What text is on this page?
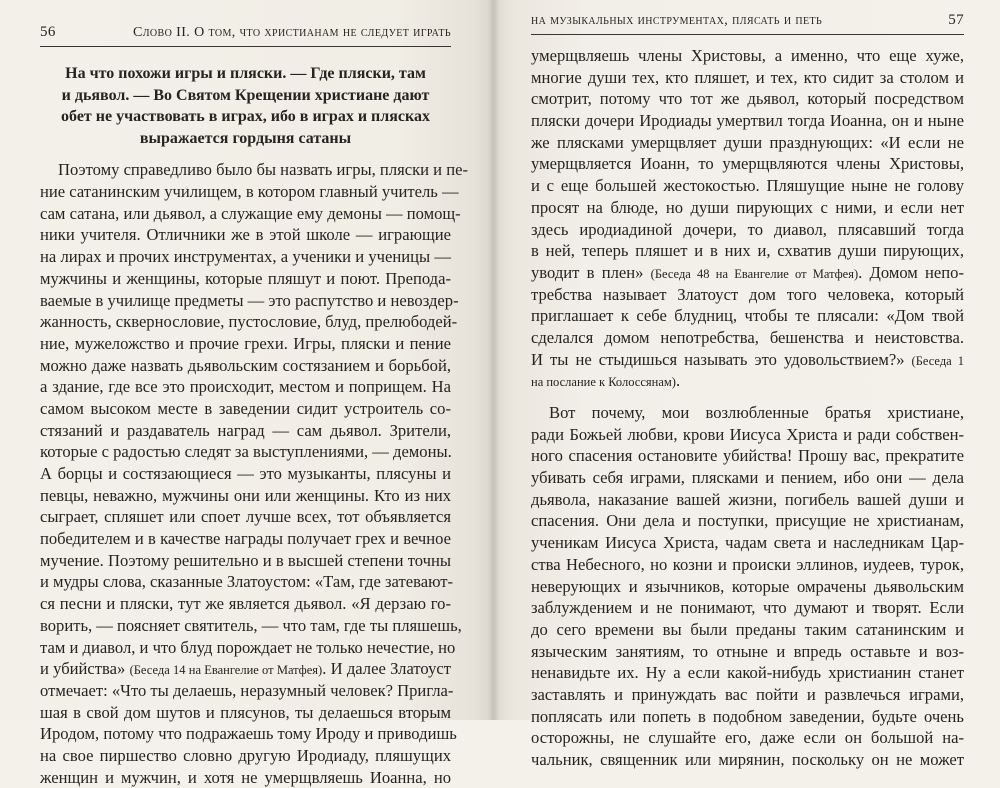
56	Слово II. О том, что христианам не следует играть
На что похожи игры и пляски. — Где пляски, там
и дьявол. — Во Святом Крещении христиане дают
обет не участвовать в играх, ибо в играх и плясках
выражается гордыня сатаны
Поэтому справедливо было бы назвать игры, пляски и пе-
ние сатанинским училищем, в котором главный учитель —
сам сатана, или дьявол, а служащие ему демоны — помощ-
ники учителя. Отличники же в этой школе — играющие
на лирах и прочих инструментах, а ученики и ученицы —
мужчины и женщины, которые пляшут и поют. Препода-
ваемые в училище предметы — это распутство и невоздер-
жанность, сквернословие, пустословие, блуд, прелюбодей-
ние, мужеложство и прочие грехи. Игры, пляски и пение
можно даже назвать дьявольским состязанием и борьбой,
а здание, где все это происходит, местом и поприщем. На
самом высоком месте в заведении сидит устроитель со-
стязаний и раздаватель наград — сам дьявол. Зрители,
которые с радостью следят за выступлениями, — демоны.
А борцы и состязающиеся — это музыканты, плясуны и
певцы, неважно, мужчины они или женщины. Кто из них
сыграет, спляшет или споет лучше всех, тот объявляется
победителем и в качестве награды получает грех и вечное
мучение. Поэтому решительно и в высшей степени точны
и мудры слова, сказанные Златоустом: «Там, где затевают-
ся песни и пляски, тут же является дьявол. «Я дерзаю го-
ворить, — поясняет святитель, — что там, где ты пляшешь,
там и диавол, и что блуд порождает не только нечестие, но
и убийства» (Беседа 14 на Евангелие от Матфея). И далее Златоуст
отмечает: «Что ты делаешь, неразумный человек? Пригла-
шая в свой дом шутов и плясунов, ты делаешься вторым
Иродом, потому что подражаешь тому Ироду и приводишь
на свое пиршество словно другую Иродиаду, пляшущих
женщин и мужчин, и хотя не умерщвляешь Иоанна, но
на музыкальных инструментах, плясать и петь	57
умерщвляешь члены Христовы, а именно, что еще хуже,
многие души тех, кто пляшет, и тех, кто сидит за столом и
смотрит, потому что тот же дьявол, который посредством
пляски дочери Иродиады умертвил тогда Иоанна, он и ныне
же плясками умерщвляет души празднующих: «И если не
умерщвляется Иоанн, то умерщвляются члены Христовы,
и с еще большей жестокостью. Пляшущие ныне не голову
просят на блюде, но души пирующих с ними, и если нет
здесь иродиадиной дочери, то диавол, плясавший тогда
в ней, теперь пляшет и в них и, схватив души пирующих,
уводит в плен» (Беседа 48 на Евангелие от Матфея). Домом непо-
требства называет Златоуст дом того человека, который
приглашает к себе блудниц, чтобы те плясали: «Дом твой
сделался домом непотребства, бешенства и неистовства.
И ты не стыдишься называть это удовольствием?» (Беседа 1
на послание к Колоссянам).
Вот почему, мои возлюбленные братья христиане,
ради Божьей любви, крови Иисуса Христа и ради собствен-
ного спасения остановите убийства! Прошу вас, прекратите
убивать себя играми, плясками и пением, ибо они — дела
дьявола, наказание вашей жизни, погибель вашей души и
спасения. Они дела и поступки, присущие не христианам,
ученикам Иисуса Христа, чадам света и наследникам Цар-
ства Небесного, но козни и происки эллинов, иудеев, турок,
неверующих и язычников, которые омрачены дьявольским
заблуждением и не понимают, что думают и творят. Если
до сего времени вы были преданы таким сатанинским и
языческим занятиям, то отныне и впредь оставьте и воз-
ненавидьте их. Ну а если какой-нибудь христианин станет
заставлять и принуждать вас пойти и развлечься играми,
поплясать или попеть в подобном заведении, будьте очень
осторожны, не слушайте его, даже если он большой на-
чальник, священник или мирянин, поскольку он не может
